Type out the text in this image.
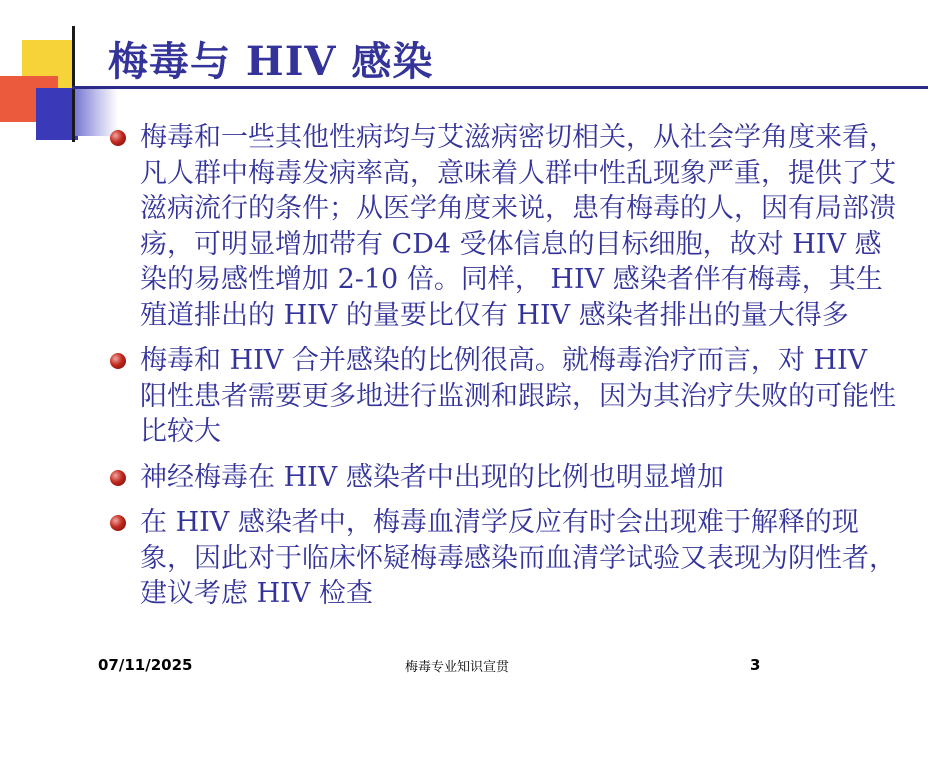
梅毒与 HIV 感染
梅毒和一些其他性病均与艾滋病密切相关，从社会学角度来看，凡人群中梅毒发病率高，意味着人群中性乱现象严重，提供了艾滋病流行的条件；从医学角度来说，患有梅毒的人，因有局部溃疡，可明显增加带有 CD4 受体信息的目标细胞，故对 HIV 感染的易感性增加 2-10 倍。同样， HIV 感染者伴有梅毒，其生殖道排出的 HIV 的量要比仅有 HIV 感染者排出的量大得多
梅毒和 HIV 合并感染的比例很高。就梅毒治疗而言，对 HIV 阳性患者需要更多地进行监测和跟踪，因为其治疗失败的可能性比较大
神经梅毒在 HIV 感染者中出现的比例也明显增加
在 HIV 感染者中，梅毒血清学反应有时会出现难于解释的现象，因此对于临床怀疑梅毒感染而血清学试验又表现为阴性者，建议考虑 HIV 检查
07/11/2025	梅毒专业知识宣贯	3
